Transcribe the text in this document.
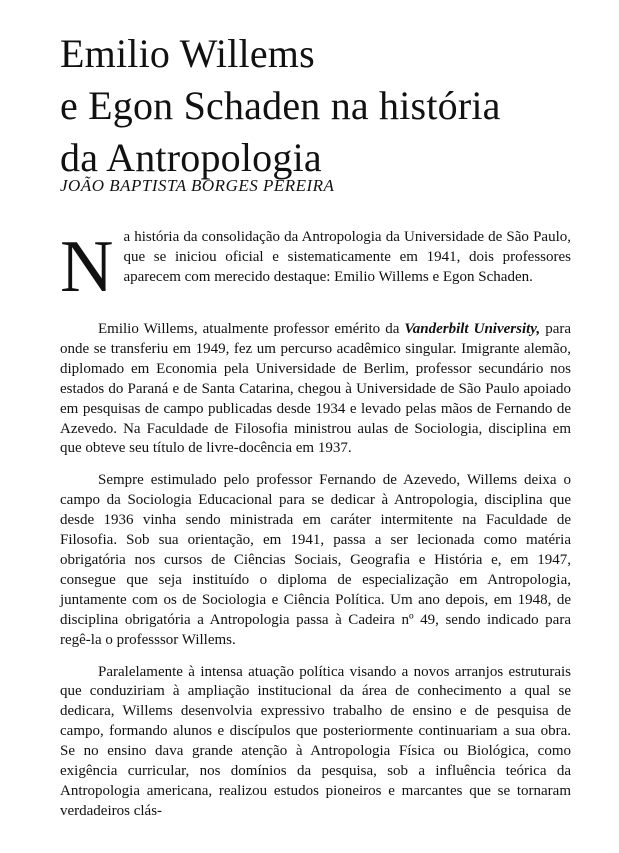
Emilio Willems
e Egon Schaden na história
da Antropologia
JOÃO BAPTISTA BORGES PEREIRA

Na história da consolidação da Antropologia da Universidade de São Paulo, que se iniciou oficial e sistematicamente em 1941, dois professores aparecem com merecido destaque: Emilio Willems e Egon Schaden.

Emilio Willems, atualmente professor emérito da Vanderbilt University, para onde se transferiu em 1949, fez um percurso acadêmico singular. Imigrante alemão, diplomado em Economia pela Universidade de Berlim, professor secundário nos estados do Paraná e de Santa Catarina, chegou à Universidade de São Paulo apoiado em pesquisas de campo publicadas desde 1934 e levado pelas mãos de Fernando de Azevedo. Na Faculdade de Filosofia ministrou aulas de Sociologia, disciplina em que obteve seu título de livre-docência em 1937.

Sempre estimulado pelo professor Fernando de Azevedo, Willems deixa o campo da Sociologia Educacional para se dedicar à Antropologia, disciplina que desde 1936 vinha sendo ministrada em caráter intermitente na Faculdade de Filosofia. Sob sua orientação, em 1941, passa a ser lecionada como matéria obrigatória nos cursos de Ciências Sociais, Geografia e História e, em 1947, consegue que seja instituído o diploma de especialização em Antropologia, juntamente com os de Sociologia e Ciência Política. Um ano depois, em 1948, de disciplina obrigatória a Antropologia passa à Cadeira nº 49, sendo indicado para regê-la o professsor Willems.

Paralelamente à intensa atuação política visando a novos arranjos estruturais que conduziriam à ampliação institucional da área de conhecimento a qual se dedicara, Willems desenvolvia expressivo trabalho de ensino e de pesquisa de campo, formando alunos e discípulos que posteriormente continuariam a sua obra. Se no ensino dava grande atenção à Antropologia Física ou Biológica, como exigência curricular, nos domínios da pesquisa, sob a influência teórica da Antropologia americana, realizou estudos pioneiros e marcantes que se tornaram verdadeiros clás-
